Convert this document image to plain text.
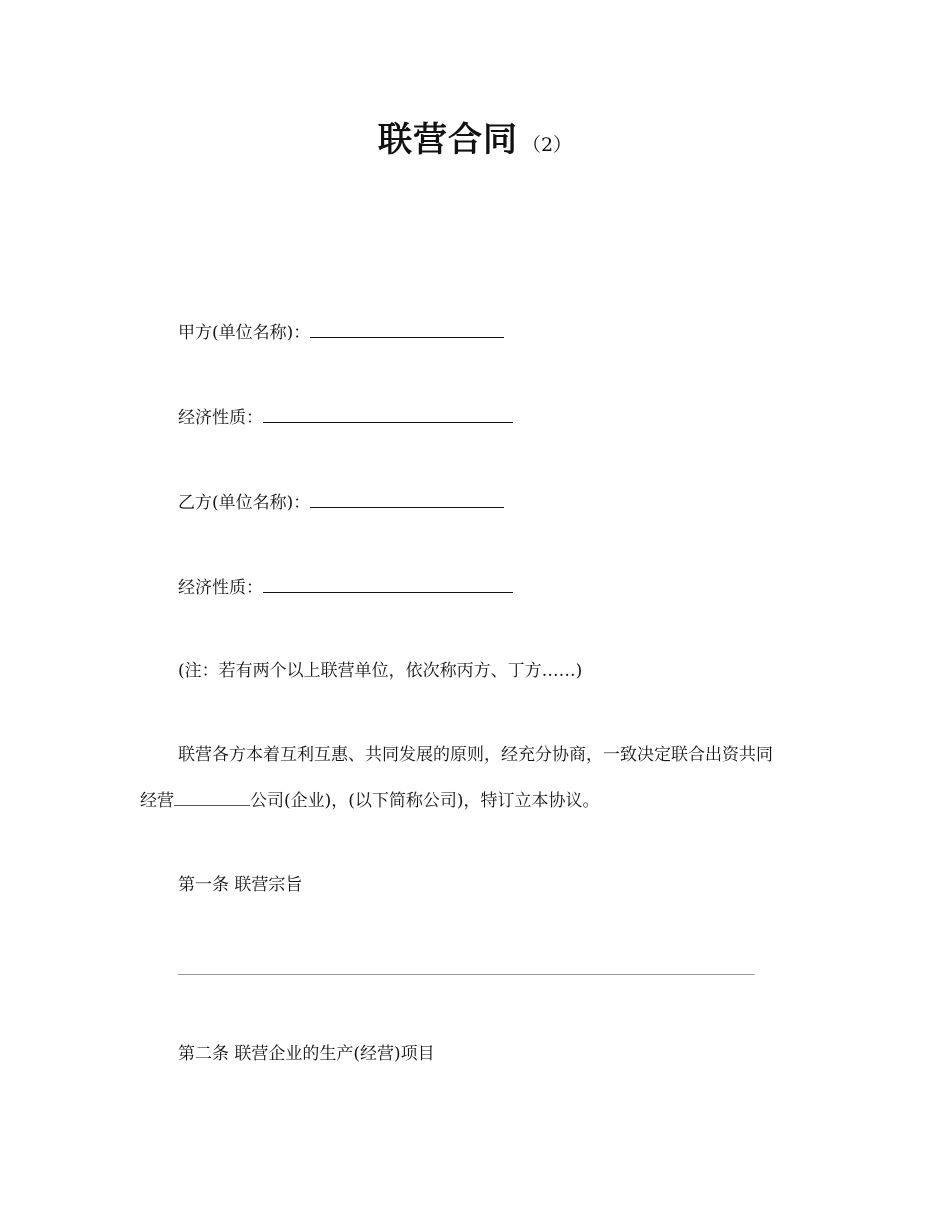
联营合同 （2）
甲方(单位名称)：
经济性质：
乙方(单位名称)：
经济性质：
(注：若有两个以上联营单位，依次称丙方、丁方……)
联营各方本着互利互惠、共同发展的原则，经充分协商，一致决定联合出资共同
经营	公司(企业)，(以下简称公司)，特订立本协议。
第一条 联营宗旨
第二条 联营企业的生产(经营)项目
